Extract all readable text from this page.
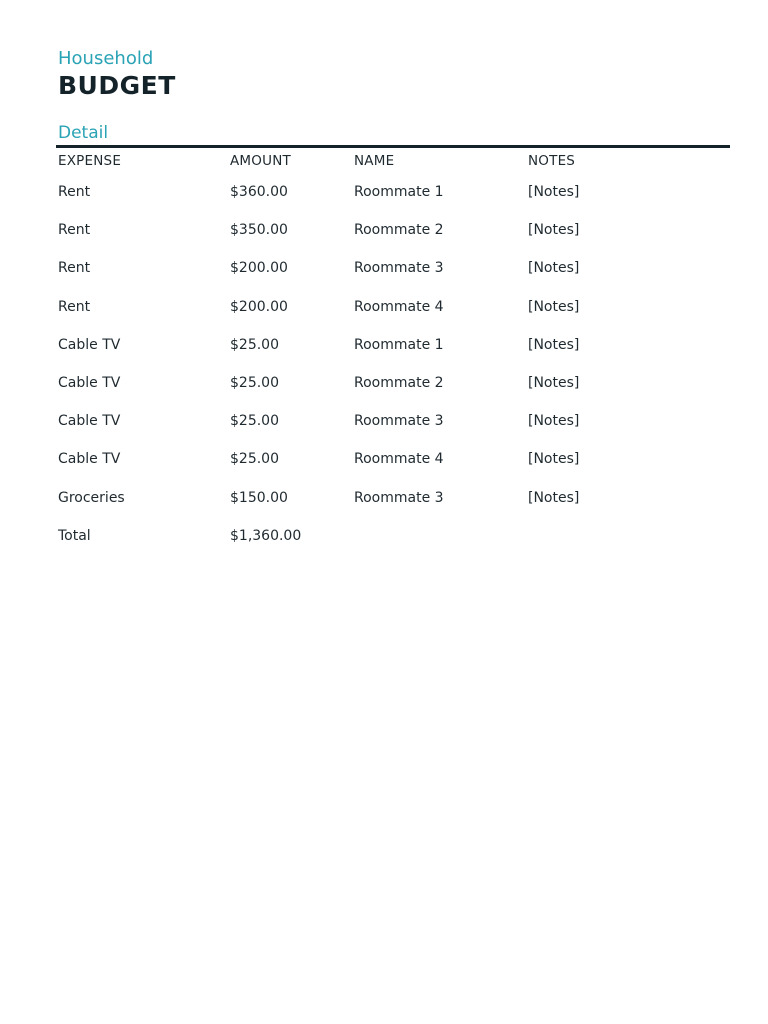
Household
BUDGET
Detail
EXPENSE	AMOUNT	NAME	NOTES
Rent	$360.00	Roommate 1	[Notes]
Rent	$350.00	Roommate 2	[Notes]
Rent	$200.00	Roommate 3	[Notes]
Rent	$200.00	Roommate 4	[Notes]
Cable TV	$25.00	Roommate 1	[Notes]
Cable TV	$25.00	Roommate 2	[Notes]
Cable TV	$25.00	Roommate 3	[Notes]
Cable TV	$25.00	Roommate 4	[Notes]
Groceries	$150.00	Roommate 3	[Notes]
Total	$1,360.00		
